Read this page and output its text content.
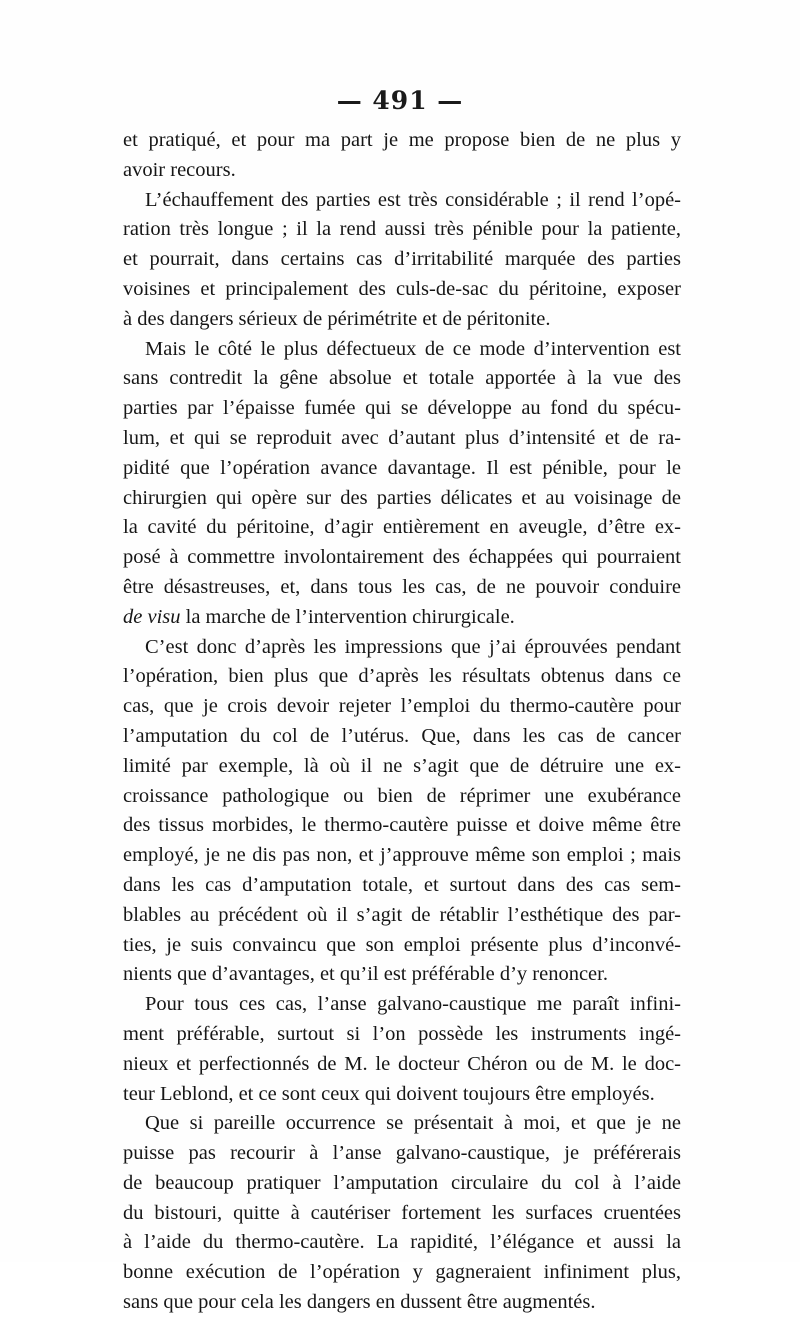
— 491 —
et pratiqué, et pour ma part je me propose bien de ne plus y
avoir recours.
L’échauffement des parties est très considérable ; il rend l’opé-
ration très longue ; il la rend aussi très pénible pour la patiente,
et pourrait, dans certains cas d’irritabilité marquée des parties
voisines et principalement des culs-de-sac du péritoine, exposer
à des dangers sérieux de périmétrite et de péritonite.
Mais le côté le plus défectueux de ce mode d’intervention est
sans contredit la gêne absolue et totale apportée à la vue des
parties par l’épaisse fumée qui se développe au fond du spécu-
lum, et qui se reproduit avec d’autant plus d’intensité et de ra-
pidité que l’opération avance davantage. Il est pénible, pour le
chirurgien qui opère sur des parties délicates et au voisinage de
la cavité du péritoine, d’agir entièrement en aveugle, d’être ex-
posé à commettre involontairement des échappées qui pourraient
être désastreuses, et, dans tous les cas, de ne pouvoir conduire
de visu la marche de l’intervention chirurgicale.
C’est donc d’après les impressions que j’ai éprouvées pendant
l’opération, bien plus que d’après les résultats obtenus dans ce
cas, que je crois devoir rejeter l’emploi du thermo-cautère pour
l’amputation du col de l’utérus. Que, dans les cas de cancer
limité par exemple, là où il ne s’agit que de détruire une ex-
croissance pathologique ou bien de réprimer une exubérance
des tissus morbides, le thermo-cautère puisse et doive même être
employé, je ne dis pas non, et j’approuve même son emploi ; mais
dans les cas d’amputation totale, et surtout dans des cas sem-
blables au précédent où il s’agit de rétablir l’esthétique des par-
ties, je suis convaincu que son emploi présente plus d’inconvé-
nients que d’avantages, et qu’il est préférable d’y renoncer.
Pour tous ces cas, l’anse galvano-caustique me paraît infini-
ment préférable, surtout si l’on possède les instruments ingé-
nieux et perfectionnés de M. le docteur Chéron ou de M. le doc-
teur Leblond, et ce sont ceux qui doivent toujours être employés.
Que si pareille occurrence se présentait à moi, et que je ne
puisse pas recourir à l’anse galvano-caustique, je préférerais
de beaucoup pratiquer l’amputation circulaire du col à l’aide
du bistouri, quitte à cautériser fortement les surfaces cruentées
à l’aide du thermo-cautère. La rapidité, l’élégance et aussi la
bonne exécution de l’opération y gagneraient infiniment plus,
sans que pour cela les dangers en dussent être augmentés.
